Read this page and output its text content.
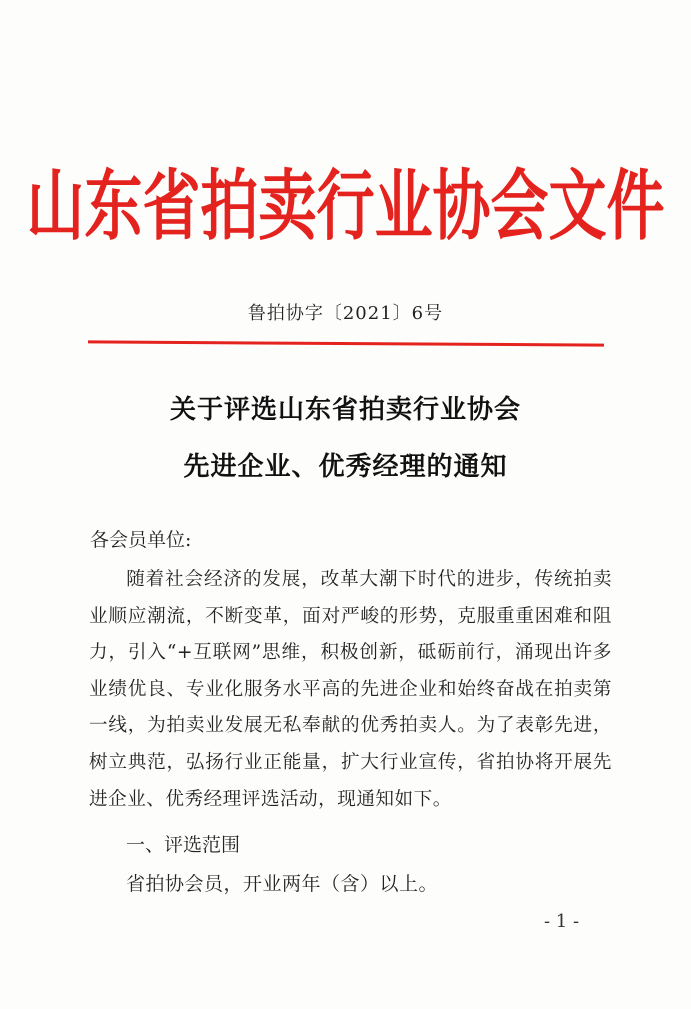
山东省拍卖行业协会文件
鲁拍协字〔2021〕6号
关于评选山东省拍卖行业协会
先进企业、优秀经理的通知
各会员单位:
随着社会经济的发展，改革大潮下时代的进步，传统拍卖业顺应潮流，不断变革，面对严峻的形势，克服重重困难和阻力，引入“+互联网”思维，积极创新，砥砺前行，涌现出许多业绩优良、专业化服务水平高的先进企业和始终奋战在拍卖第一线，为拍卖业发展无私奉献的优秀拍卖人。为了表彰先进，树立典范，弘扬行业正能量，扩大行业宣传，省拍协将开展先进企业、优秀经理评选活动，现通知如下。
一、评选范围
省拍协会员，开业两年（含）以上。
- 1 -
